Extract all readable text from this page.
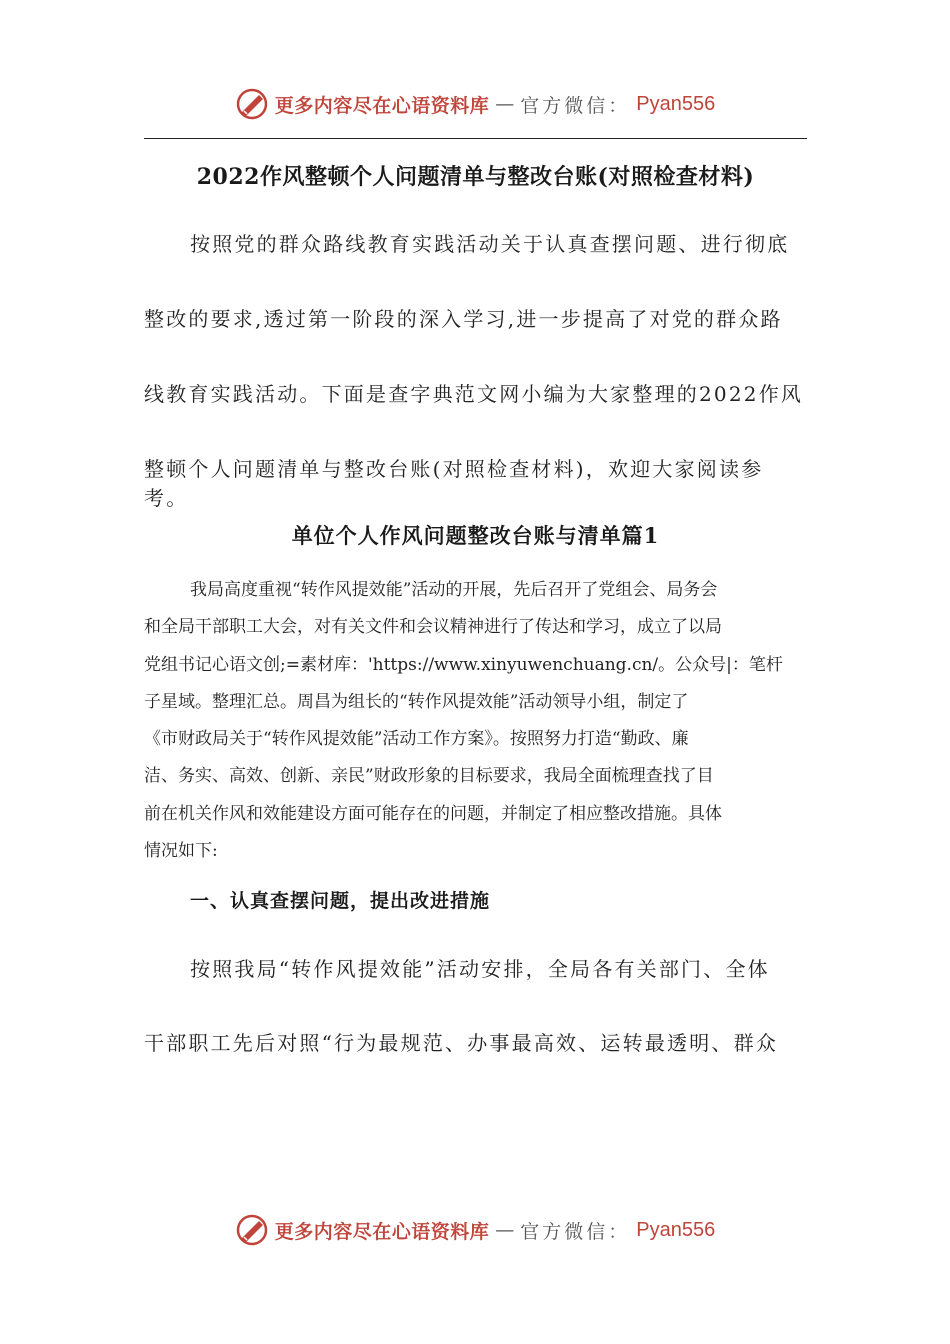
更多内容尽在心语资料库 — 官方微信： Pyan556
2022作风整顿个人问题清单与整改台账(对照检查材料)
按照党的群众路线教育实践活动关于认真查摆问题、进行彻底
整改的要求,透过第一阶段的深入学习,进一步提高了对党的群众路
线教育实践活动。下面是查字典范文网小编为大家整理的2022作风
整顿个人问题清单与整改台账(对照检查材料)，欢迎大家阅读参考。
单位个人作风问题整改台账与清单篇1
我局高度重视“转作风提效能”活动的开展，先后召开了党组会、局务会
和全局干部职工大会，对有关文件和会议精神进行了传达和学习，成立了以局
党组书记心语文创;=素材库：'https://www.xinyuwenchuang.cn/。公众号|：笔杆
子星域。整理汇总。周昌为组长的“转作风提效能”活动领导小组，制定了
《市财政局关于“转作风提效能”活动工作方案》。按照努力打造“勤政、廉
洁、务实、高效、创新、亲民”财政形象的目标要求，我局全面梳理查找了目
前在机关作风和效能建设方面可能存在的问题，并制定了相应整改措施。具体
情况如下:
一、认真查摆问题，提出改进措施
按照我局“转作风提效能”活动安排，全局各有关部门、全体
干部职工先后对照“行为最规范、办事最高效、运转最透明、群众
更多内容尽在心语资料库 — 官方微信： Pyan556
